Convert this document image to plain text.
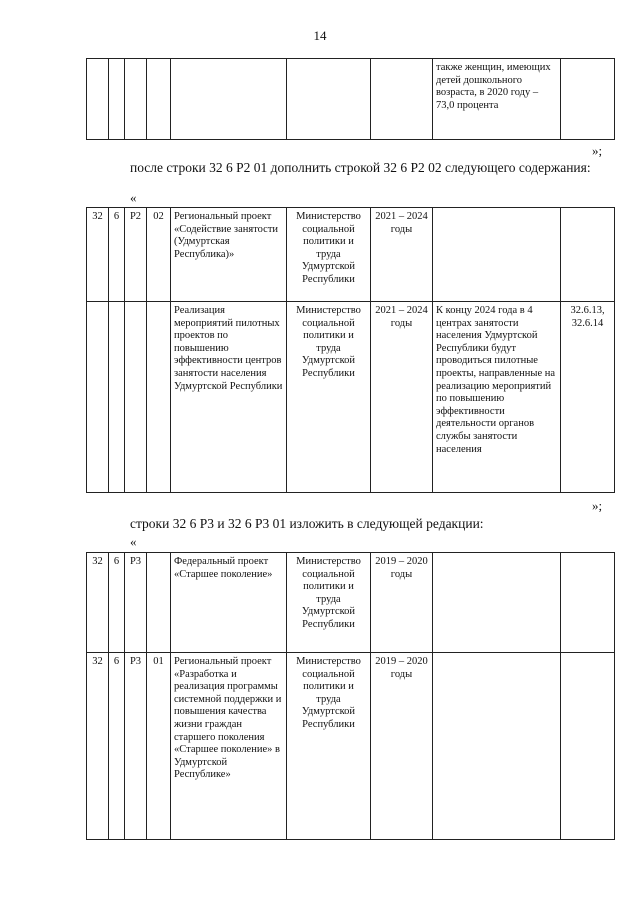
14
							также женщин, имеющих детей дошкольного возраста, в 2020 году – 73,0 процента	
»;
после строки 32 6 Р2 01 дополнить строкой 32 6 Р2 02 следующего содержания:
«
32	6	Р2	02	Региональный проект «Содействие занятости (Удмуртская Республика)»	Министерство социальной политики и труда Удмуртской Республики	2021 – 2024 годы		
				Реализация мероприятий пилотных проектов по повышению эффективности центров занятости населения Удмуртской Республики	Министерство социальной политики и труда Удмуртской Республики	2021 – 2024 годы	К концу 2024 года в 4 центрах занятости населения Удмуртской Республики будут проводиться пилотные проекты, направленные на реализацию мероприятий по повышению эффективности деятельности органов службы занятости населения	32.6.13, 32.6.14
»;
строки 32 6 Р3 и 32 6 Р3 01 изложить в следующей редакции:
«
32	6	Р3		Федеральный проект «Старшее поколение»	Министерство социальной политики и труда Удмуртской Республики	2019 – 2020 годы		
32	6	Р3	01	Региональный проект «Разработка и реализация программы системной поддержки и повышения качества жизни граждан старшего поколения «Старшее поколение» в Удмуртской Республике»	Министерство социальной политики и труда Удмуртской Республики	2019 – 2020 годы		
